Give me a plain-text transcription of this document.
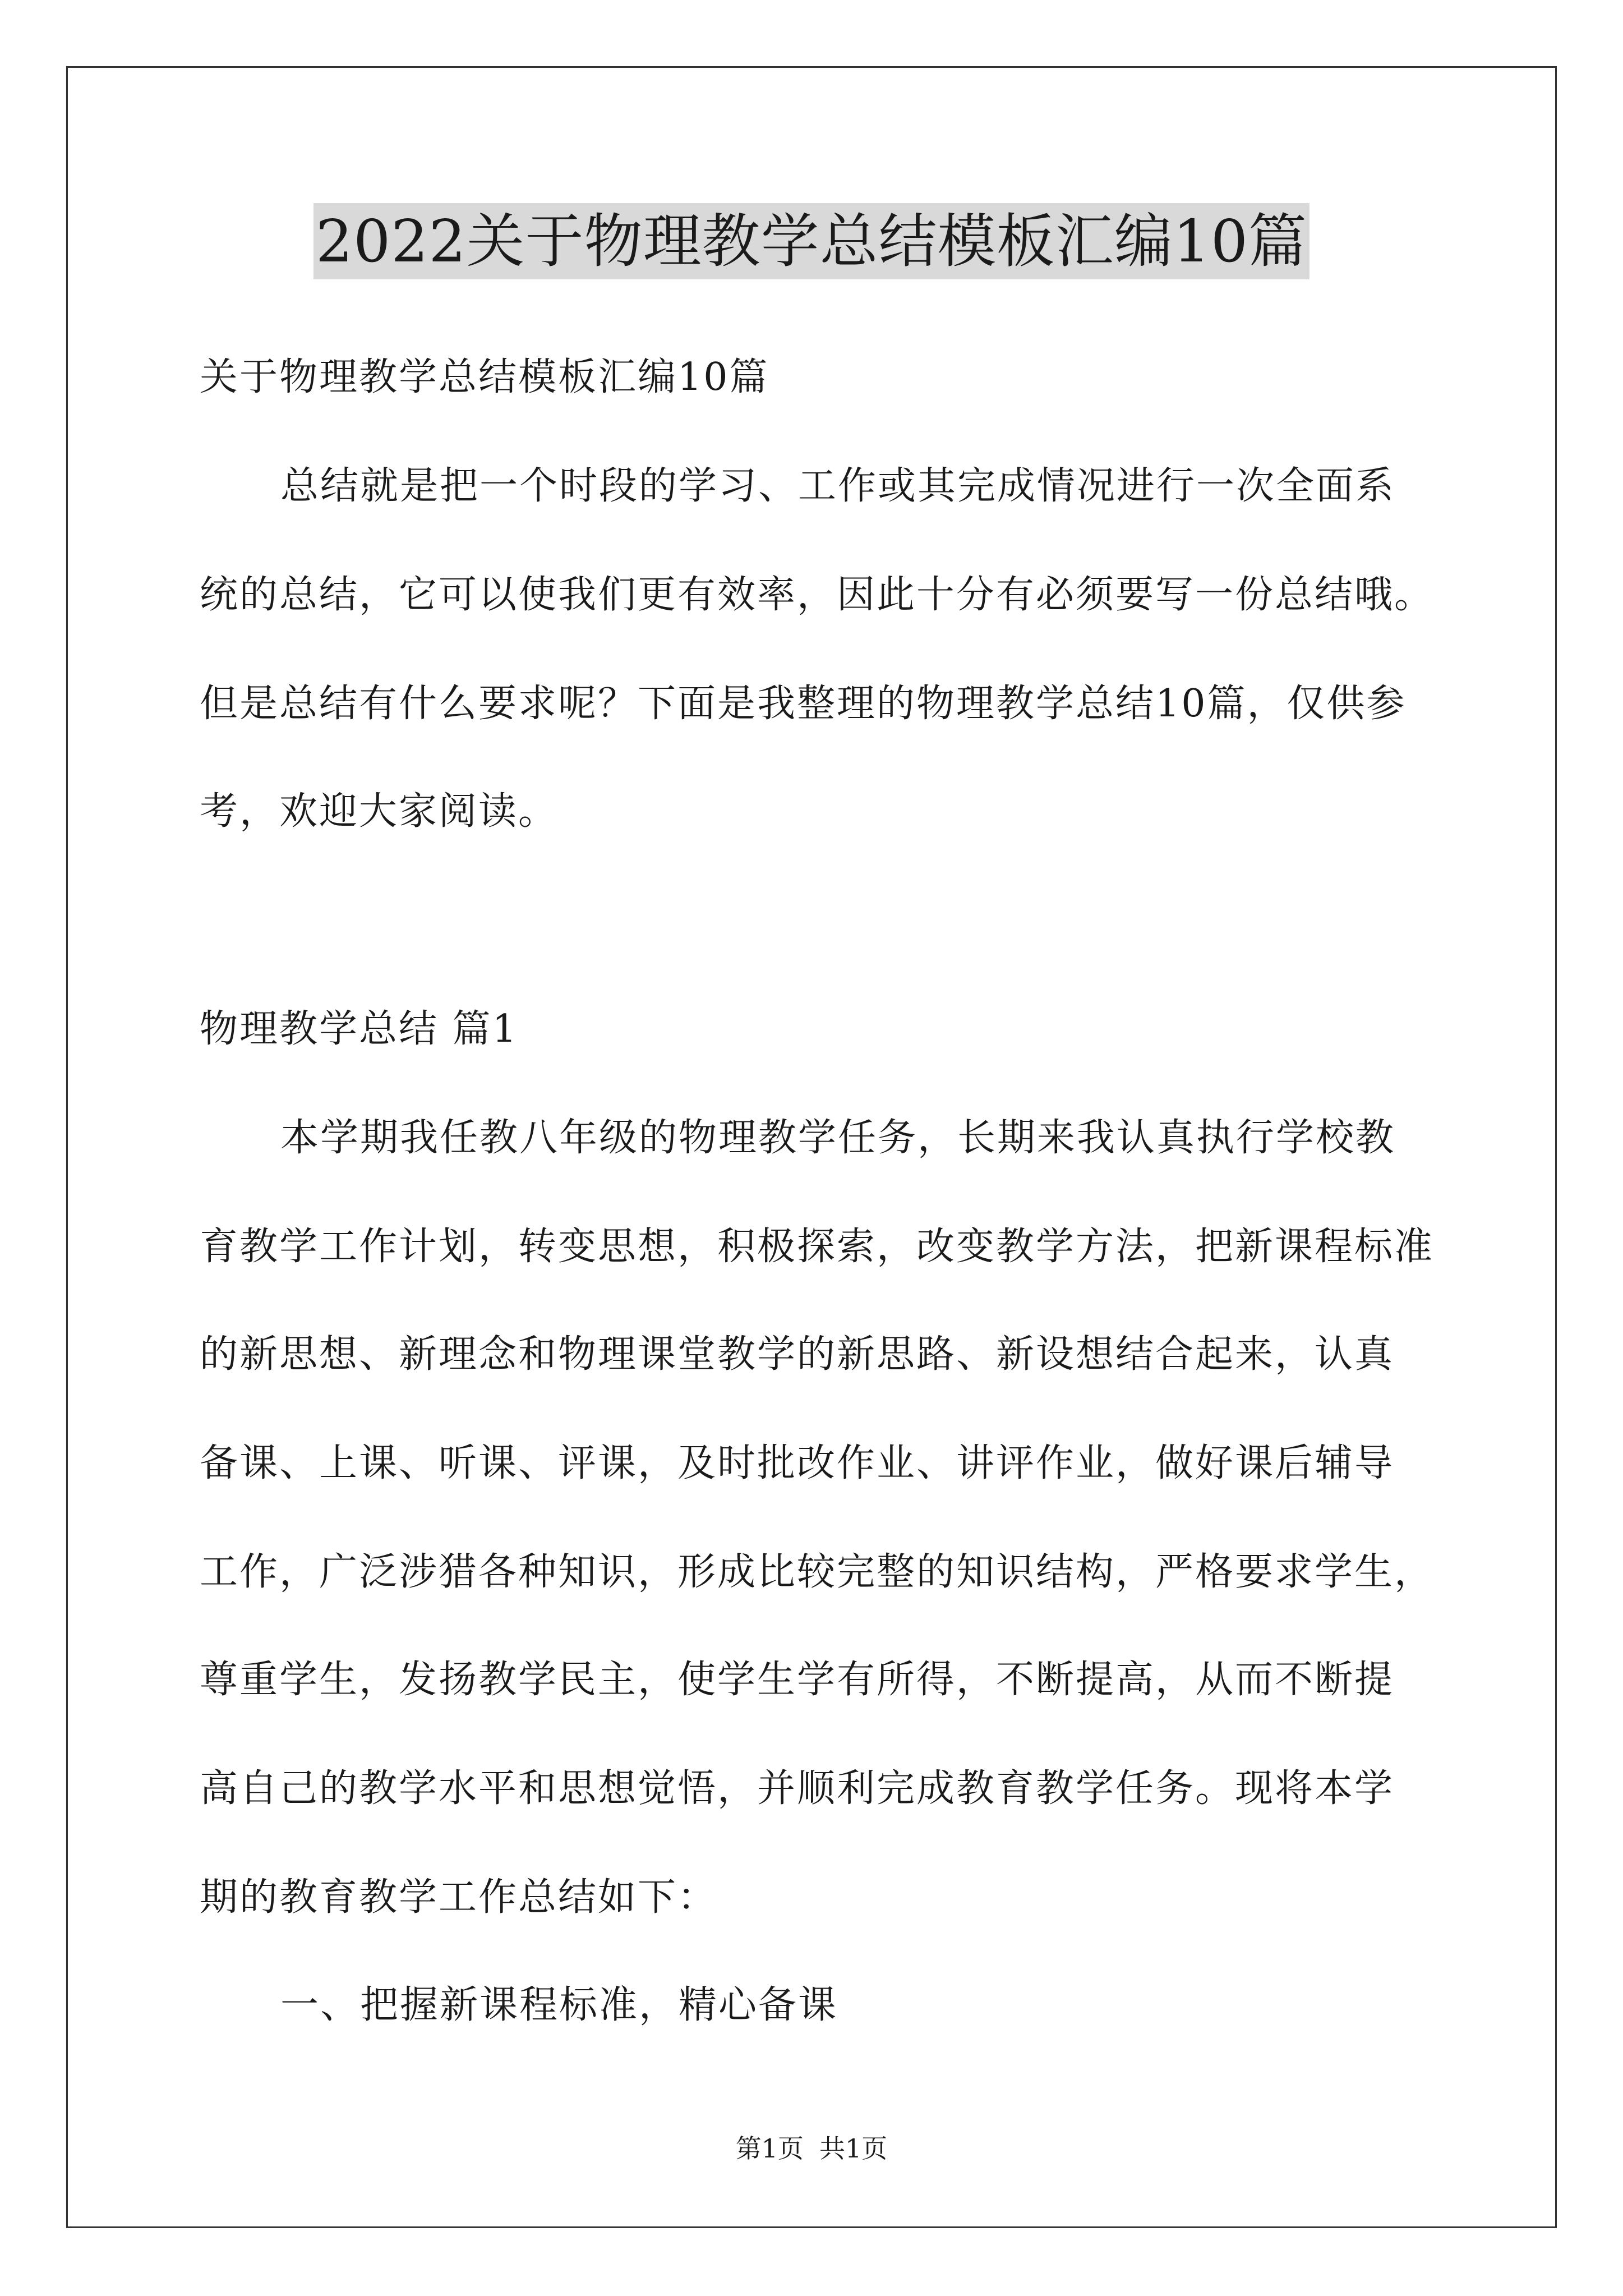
2022关于物理教学总结模板汇编10篇
关于物理教学总结模板汇编10篇
总结就是把一个时段的学习、工作或其完成情况进行一次全面系
统的总结，它可以使我们更有效率，因此十分有必须要写一份总结哦。
但是总结有什么要求呢？下面是我整理的物理教学总结10篇，仅供参
考，欢迎大家阅读。
物理教学总结 篇1
本学期我任教八年级的物理教学任务，长期来我认真执行学校教
育教学工作计划，转变思想，积极探索，改变教学方法，把新课程标准
的新思想、新理念和物理课堂教学的新思路、新设想结合起来，认真
备课、上课、听课、评课，及时批改作业、讲评作业，做好课后辅导
工作，广泛涉猎各种知识，形成比较完整的知识结构，严格要求学生，
尊重学生，发扬教学民主，使学生学有所得，不断提高，从而不断提
高自己的教学水平和思想觉悟，并顺利完成教育教学任务。现将本学
期的教育教学工作总结如下：
一、把握新课程标准，精心备课
第1页 共1页
